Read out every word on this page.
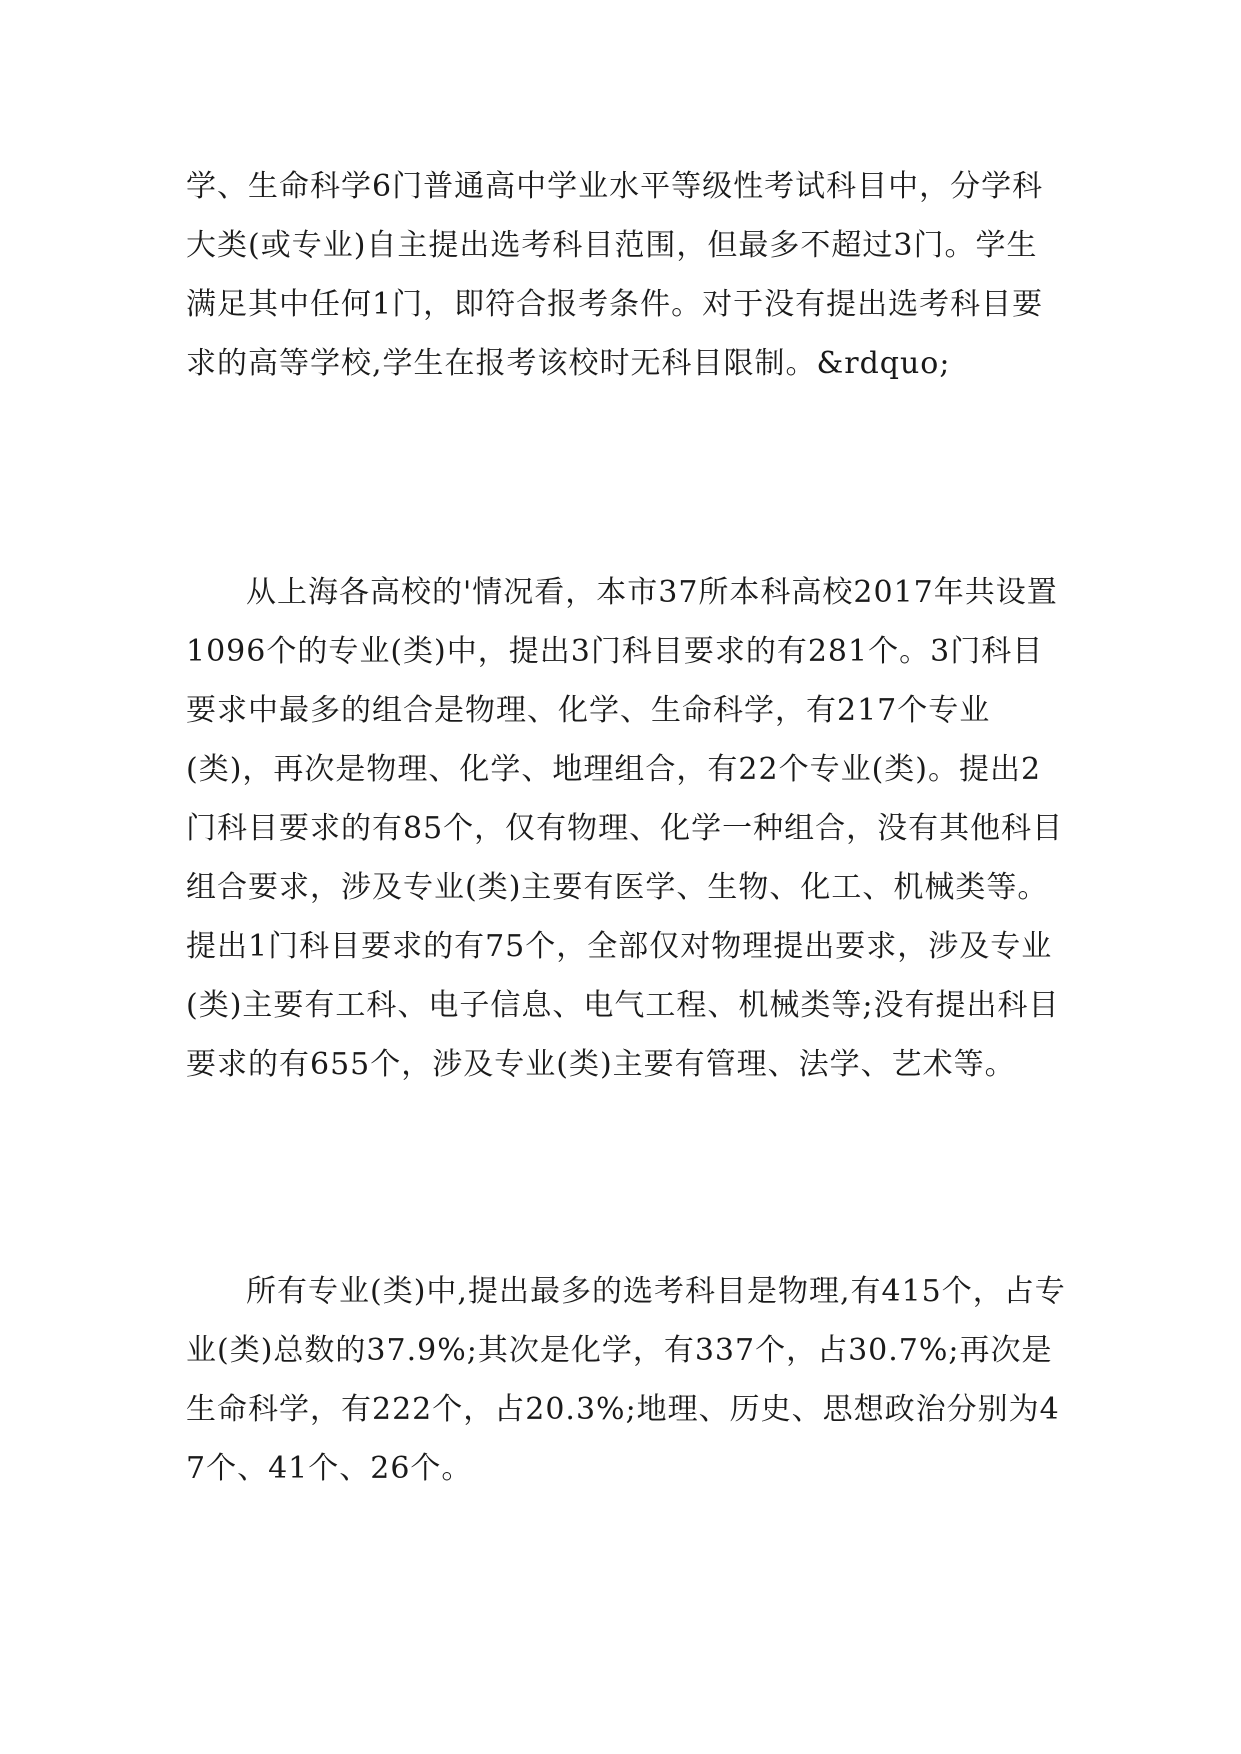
学、生命科学6门普通高中学业水平等级性考试科目中，分学科大类(或专业)自主提出选考科目范围，但最多不超过3门。学生满足其中任何1门，即符合报考条件。对于没有提出选考科目要求的高等学校,学生在报考该校时无科目限制。&rdquo;

从上海各高校的'情况看，本市37所本科高校2017年共设置1096个的专业(类)中，提出3门科目要求的有281个。3门科目要求中最多的组合是物理、化学、生命科学，有217个专业(类)，再次是物理、化学、地理组合，有22个专业(类)。提出2门科目要求的有85个，仅有物理、化学一种组合，没有其他科目组合要求，涉及专业(类)主要有医学、生物、化工、机械类等。提出1门科目要求的有75个，全部仅对物理提出要求，涉及专业(类)主要有工科、电子信息、电气工程、机械类等;没有提出科目要求的有655个，涉及专业(类)主要有管理、法学、艺术等。

所有专业(类)中,提出最多的选考科目是物理,有415个，占专业(类)总数的37.9%;其次是化学，有337个，占30.7%;再次是生命科学，有222个，占20.3%;地理、历史、思想政治分别为47个、41个、26个。
